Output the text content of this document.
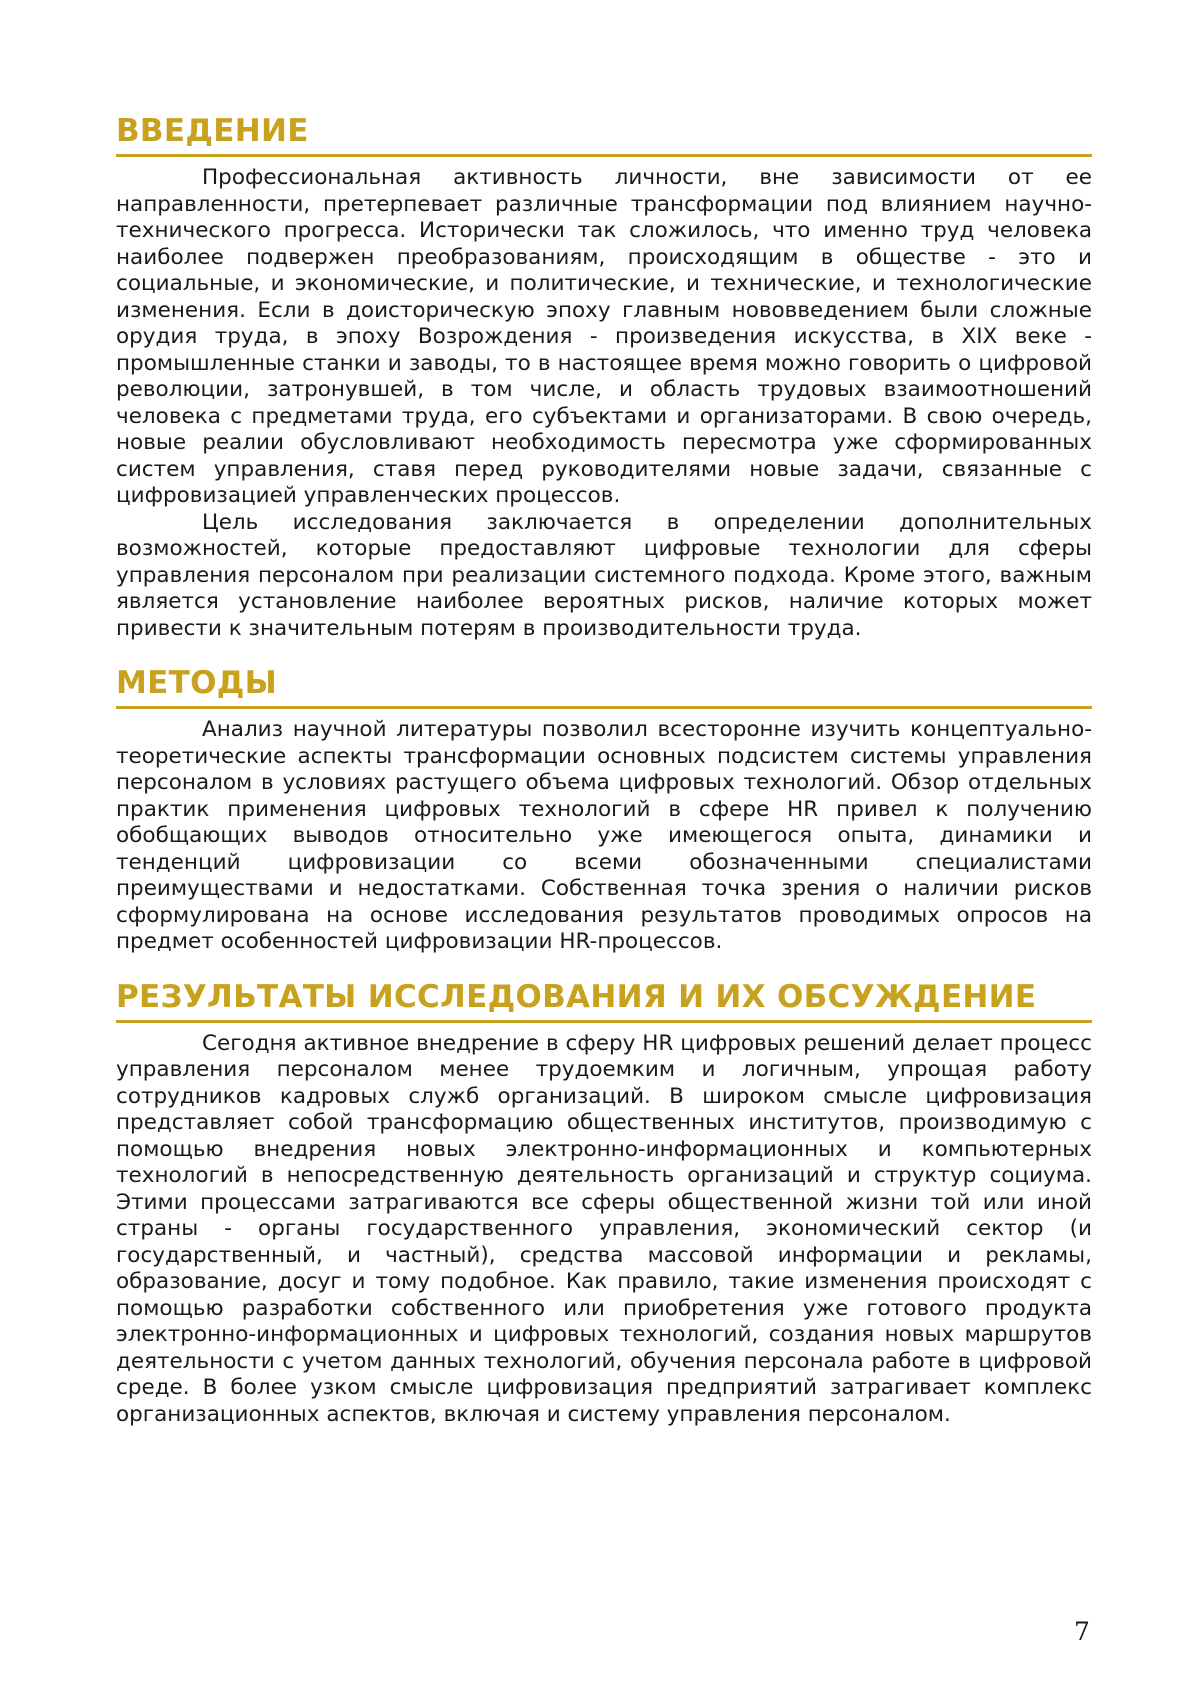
ВВЕДЕНИЕ

Профессиональная активность личности, вне зависимости от ее направленности, претерпевает различные трансформации под влиянием научно-технического прогресса. Исторически так сложилось, что именно труд человека наиболее подвержен преобразованиям, происходящим в обществе - это и социальные, и экономические, и политические, и технические, и технологические изменения. Если в доисторическую эпоху главным нововведением были сложные орудия труда, в эпоху Возрождения - произведения искусства, в XIX веке - промышленные станки и заводы, то в настоящее время можно говорить о цифровой революции, затронувшей, в том числе, и область трудовых взаимоотношений человека с предметами труда, его субъектами и организаторами. В свою очередь, новые реалии обусловливают необходимость пересмотра уже сформированных систем управления, ставя перед руководителями новые задачи, связанные с цифровизацией управленческих процессов.

Цель исследования заключается в определении дополнительных возможностей, которые предоставляют цифровые технологии для сферы управления персоналом при реализации системного подхода. Кроме этого, важным является установление наиболее вероятных рисков, наличие которых может привести к значительным потерям в производительности труда.

МЕТОДЫ

Анализ научной литературы позволил всесторонне изучить концептуально-теоретические аспекты трансформации основных подсистем системы управления персоналом в условиях растущего объема цифровых технологий. Обзор отдельных практик применения цифровых технологий в сфере HR привел к получению обобщающих выводов относительно уже имеющегося опыта, динамики и тенденций цифровизации со всеми обозначенными специалистами преимуществами и недостатками. Собственная точка зрения о наличии рисков сформулирована на основе исследования результатов проводимых опросов на предмет особенностей цифровизации HR-процессов.

РЕЗУЛЬТАТЫ ИССЛЕДОВАНИЯ И ИХ ОБСУЖДЕНИЕ

Сегодня активное внедрение в сферу HR цифровых решений делает процесс управления персоналом менее трудоемким и логичным, упрощая работу сотрудников кадровых служб организаций. В широком смысле цифровизация представляет собой трансформацию общественных институтов, производимую с помощью внедрения новых электронно-информационных и компьютерных технологий в непосредственную деятельность организаций и структур социума. Этими процессами затрагиваются все сферы общественной жизни той или иной страны - органы государственного управления, экономический сектор (и государственный, и частный), средства массовой информации и рекламы, образование, досуг и тому подобное. Как правило, такие изменения происходят с помощью разработки собственного или приобретения уже готового продукта электронно-информационных и цифровых технологий, создания новых маршрутов деятельности с учетом данных технологий, обучения персонала работе в цифровой среде. В более узком смысле цифровизация предприятий затрагивает комплекс организационных аспектов, включая и систему управления персоналом.

7
